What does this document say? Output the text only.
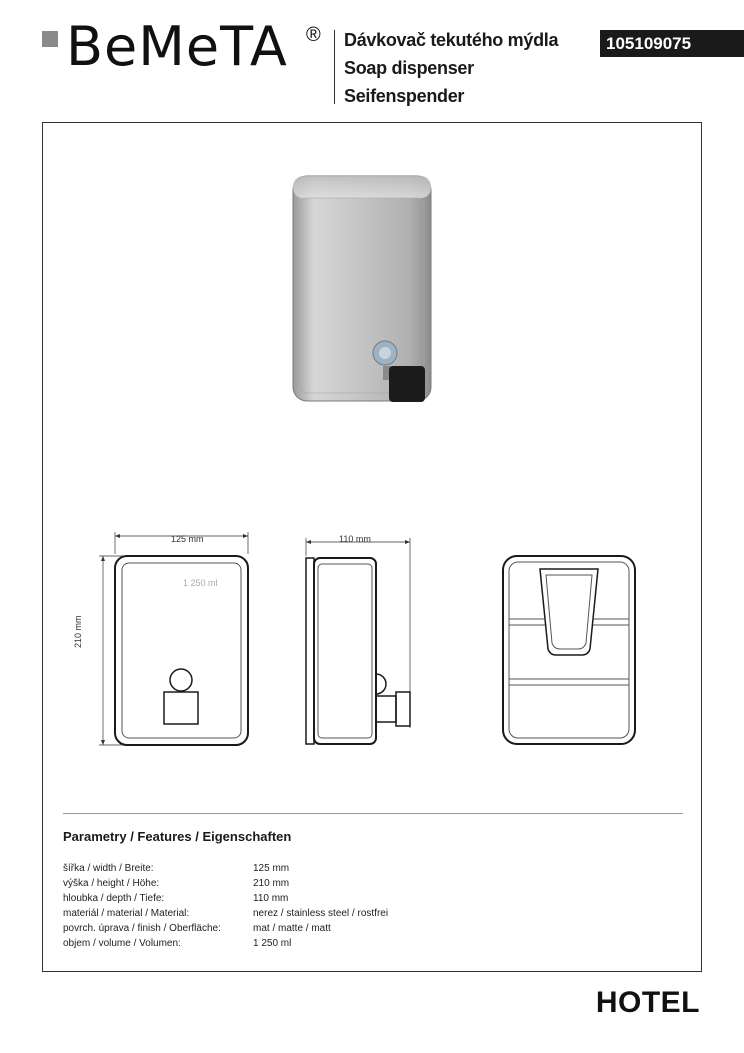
BeMeTA ® Dávkovač tekutého mýdla
Soap dispenser
Seifenspender
105109075
125 mm
210 mm
1 250 ml
110 mm
Parametry / Features / Eigenschaften
šířka / width / Breite:	125 mm
výška / height / Höhe:	210 mm
hloubka / depth / Tiefe:	110 mm
materiál / material / Material:	nerez / stainless steel / rostfrei
povrch. úprava / finish / Oberfläche:	mat / matte / matt
objem / volume / Volumen:	1 250 ml
HOTEL
